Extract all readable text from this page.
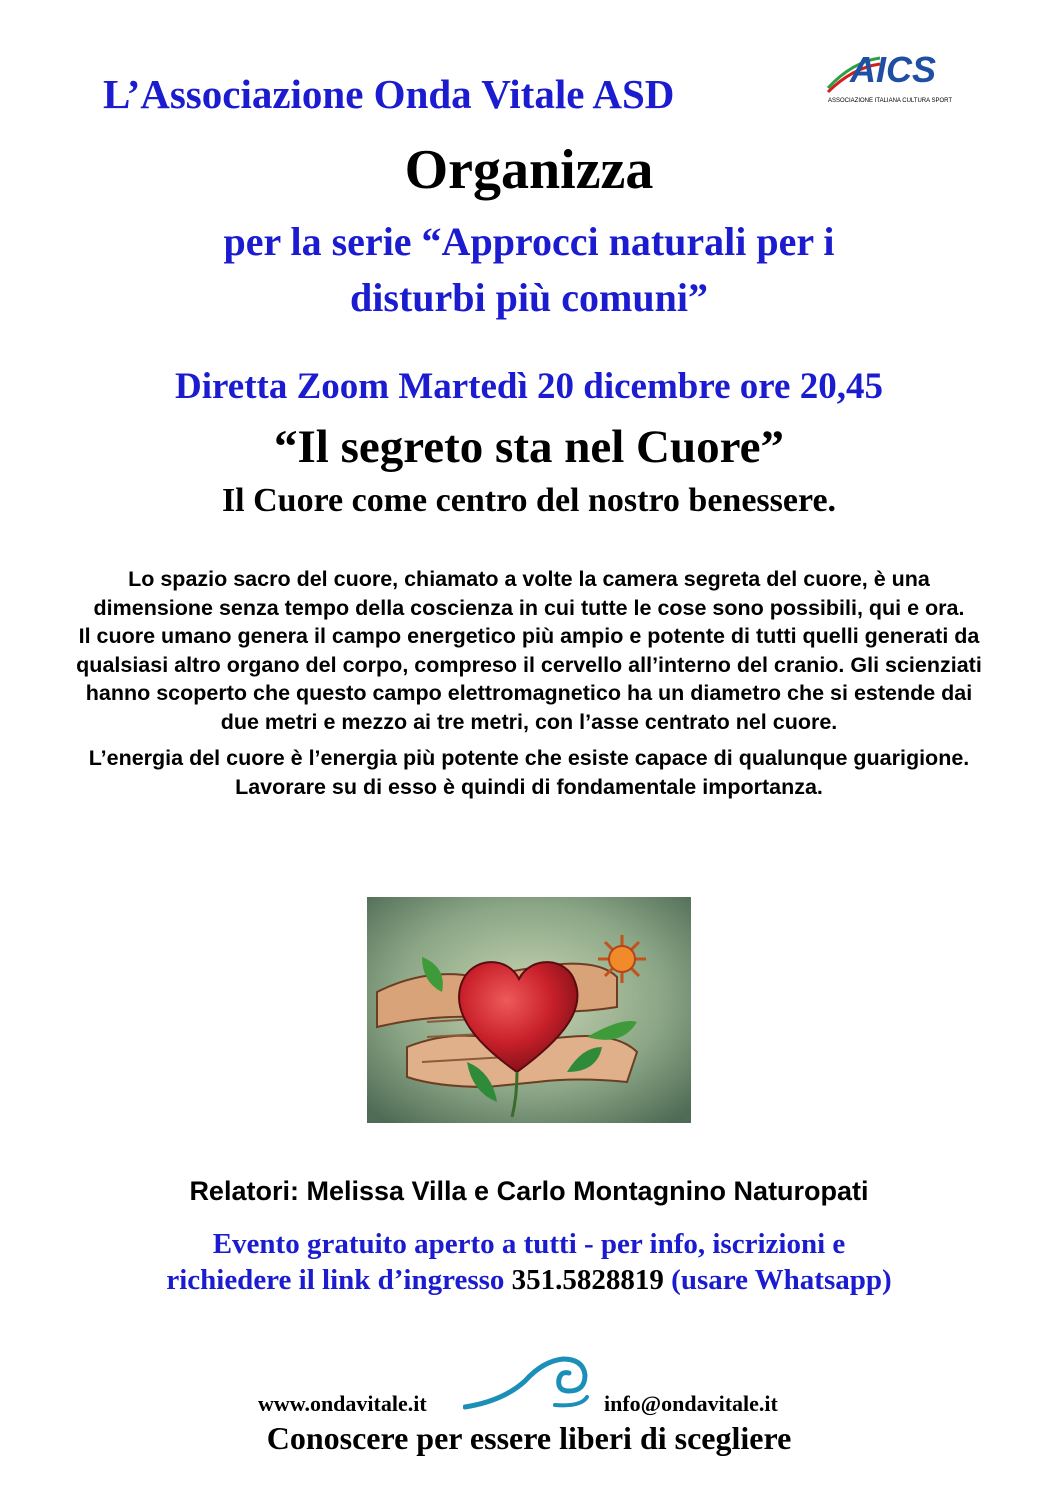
L’Associazione Onda Vitale ASD
AICS
ASSOCIAZIONE ITALIANA CULTURA SPORT
Organizza
per la serie “Approcci naturali per i
disturbi più comuni”
Diretta Zoom Martedì 20 dicembre ore 20,45
“Il segreto sta nel Cuore”
Il Cuore come centro del nostro benessere.

Lo spazio sacro del cuore, chiamato a volte la camera segreta del cuore, è una dimensione senza tempo della coscienza in cui tutte le cose sono possibili, qui e ora.

Il cuore umano genera il campo energetico più ampio e potente di tutti quelli generati da qualsiasi altro organo del corpo, compreso il cervello all’interno del cranio. Gli scienziati hanno scoperto che questo campo elettromagnetico ha un diametro che si estende dai due metri e mezzo ai tre metri, con l’asse centrato nel cuore.

L’energia del cuore è l’energia più potente che esiste capace di qualunque guarigione. Lavorare su di esso è quindi di fondamentale importanza.

Relatori: Melissa Villa e Carlo Montagnino Naturopati
Evento gratuito aperto a tutti - per info, iscrizioni e
richiedere il link d’ingresso 351.5828819 (usare Whatsapp)
www.ondavitale.it	info@ondavitale.it
Conoscere per essere liberi di scegliere
